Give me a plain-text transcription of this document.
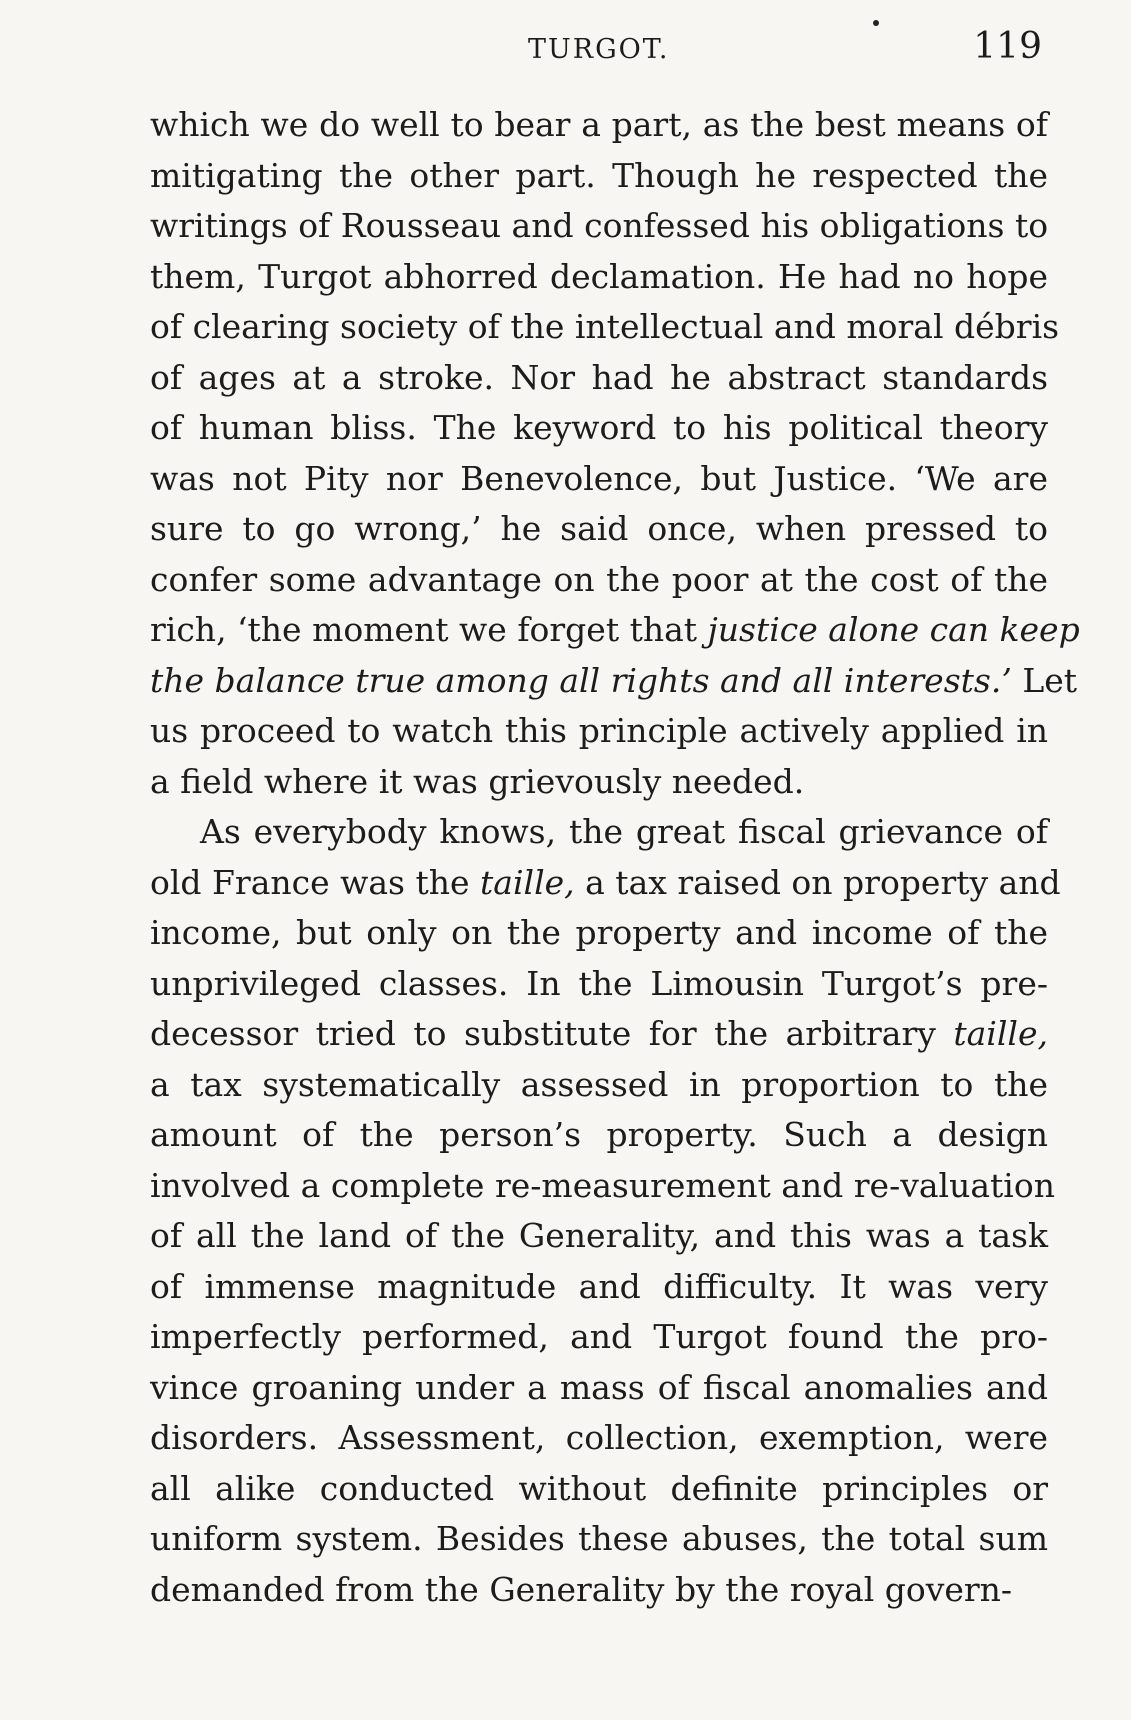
TURGOT.	119
which we do well to bear a part, as the best means of
mitigating the other part. Though he respected the
writings of Rousseau and confessed his obligations to
them, Turgot abhorred declamation. He had no hope
of clearing society of the intellectual and moral débris
of ages at a stroke. Nor had he abstract standards
of human bliss. The keyword to his political theory
was not Pity nor Benevolence, but Justice. ‘We are
sure to go wrong,’ he said once, when pressed to
confer some advantage on the poor at the cost of the
rich, ‘the moment we forget that justice alone can keep
the balance true among all rights and all interests.’ Let
us proceed to watch this principle actively applied in
a field where it was grievously needed.
As everybody knows, the great fiscal grievance of
old France was the taille, a tax raised on property and
income, but only on the property and income of the
unprivileged classes. In the Limousin Turgot’s pre-
decessor tried to substitute for the arbitrary taille,
a tax systematically assessed in proportion to the
amount of the person’s property. Such a design
involved a complete re-measurement and re-valuation
of all the land of the Generality, and this was a task
of immense magnitude and difficulty. It was very
imperfectly performed, and Turgot found the pro-
vince groaning under a mass of fiscal anomalies and
disorders. Assessment, collection, exemption, were
all alike conducted without definite principles or
uniform system. Besides these abuses, the total sum
demanded from the Generality by the royal govern-
